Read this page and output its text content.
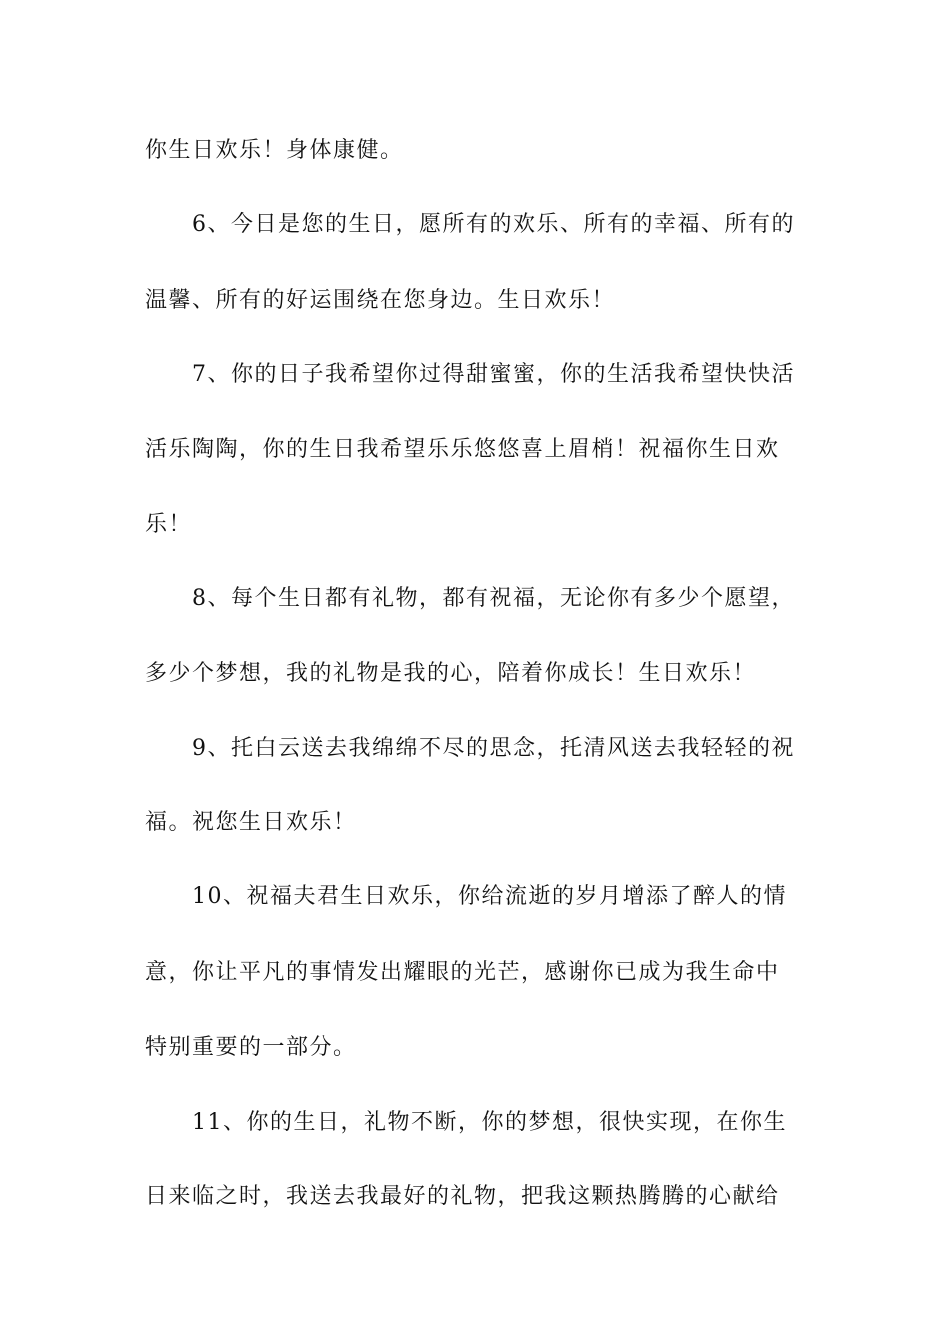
你生日欢乐！身体康健。
6、今日是您的生日，愿所有的欢乐、所有的幸福、所有的
温馨、所有的好运围绕在您身边。生日欢乐！
7、你的日子我希望你过得甜蜜蜜，你的生活我希望快快活
活乐陶陶，你的生日我希望乐乐悠悠喜上眉梢！祝福你生日欢
乐！
8、每个生日都有礼物，都有祝福，无论你有多少个愿望，
多少个梦想，我的礼物是我的心，陪着你成长！生日欢乐！
9、托白云送去我绵绵不尽的思念，托清风送去我轻轻的祝
福。祝您生日欢乐！
10、祝福夫君生日欢乐，你给流逝的岁月增添了醉人的情
意，你让平凡的事情发出耀眼的光芒，感谢你已成为我生命中
特别重要的一部分。
11、你的生日，礼物不断，你的梦想，很快实现，在你生
日来临之时，我送去我最好的礼物，把我这颗热腾腾的心献给
